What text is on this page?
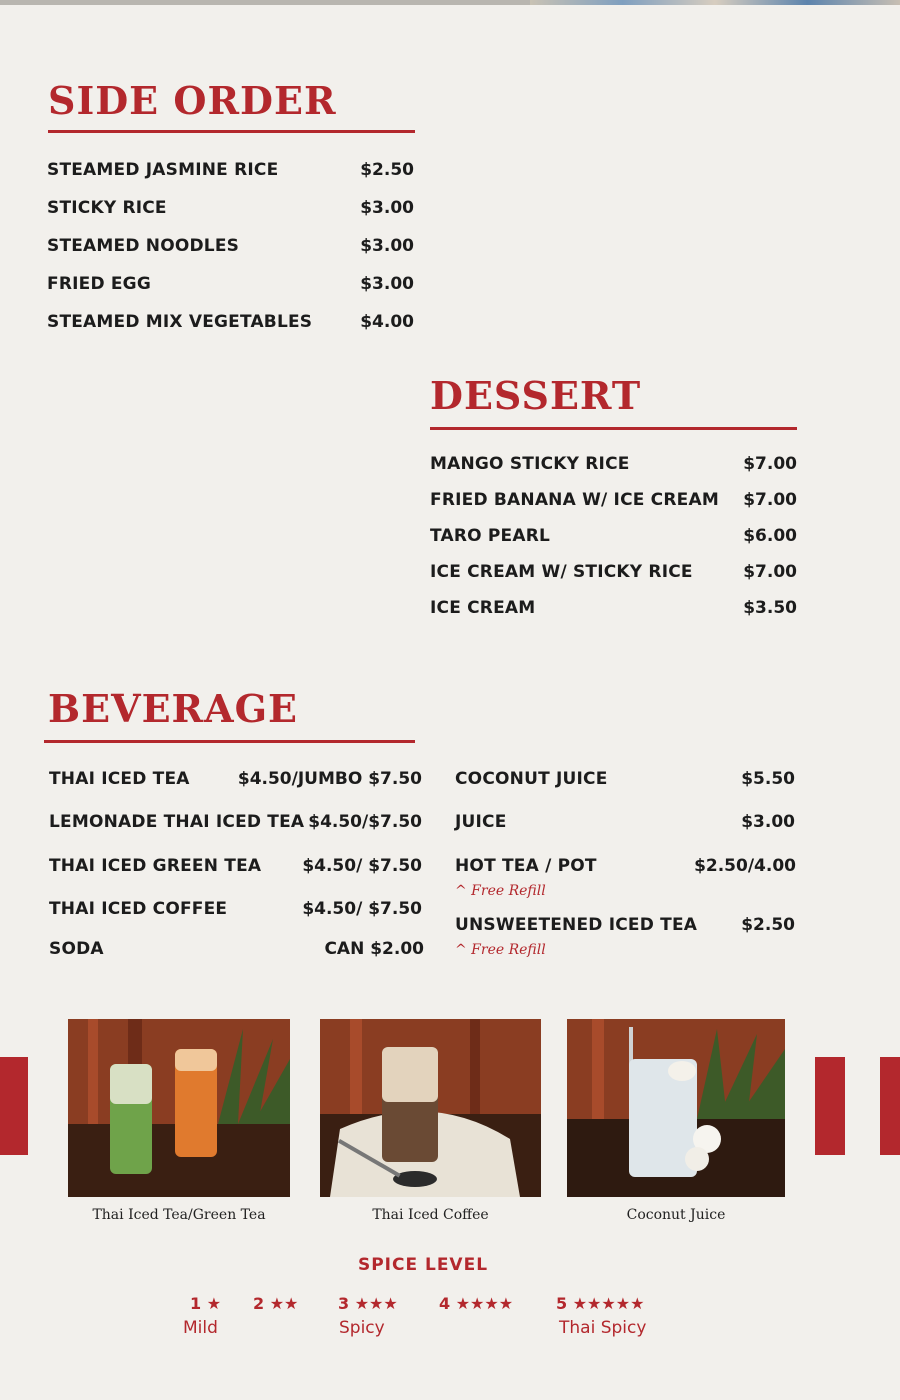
SIDE ORDER
STEAMED JASMINE RICE	$2.50
STICKY RICE	$3.00
STEAMED NOODLES	$3.00
FRIED EGG	$3.00
STEAMED MIX VEGETABLES	$4.00
DESSERT
MANGO STICKY RICE	$7.00
FRIED BANANA W/ ICE CREAM	$7.00
TARO PEARL	$6.00
ICE CREAM W/ STICKY RICE	$7.00
ICE CREAM	$3.50
BEVERAGE
THAI ICED TEA	$4.50/JUMBO $7.50
LEMONADE THAI ICED TEA $4.50/$7.50
THAI ICED GREEN TEA	$4.50/ $7.50
THAI ICED COFFEE	$4.50/ $7.50
SODA	CAN $2.00
COCONUT JUICE	$5.50
JUICE	$3.00
HOT TEA / POT	$2.50/4.00
^ Free Refill
UNSWEETENED ICED TEA	$2.50
^ Free Refill
Thai Iced Tea/Green Tea	Thai Iced Coffee	Coconut Juice
SPICE LEVEL
1 ★ 2 ★★ 3 ★★★	4 ★★★★	5 ★★★★★
Mild	Spicy	Thai Spicy
